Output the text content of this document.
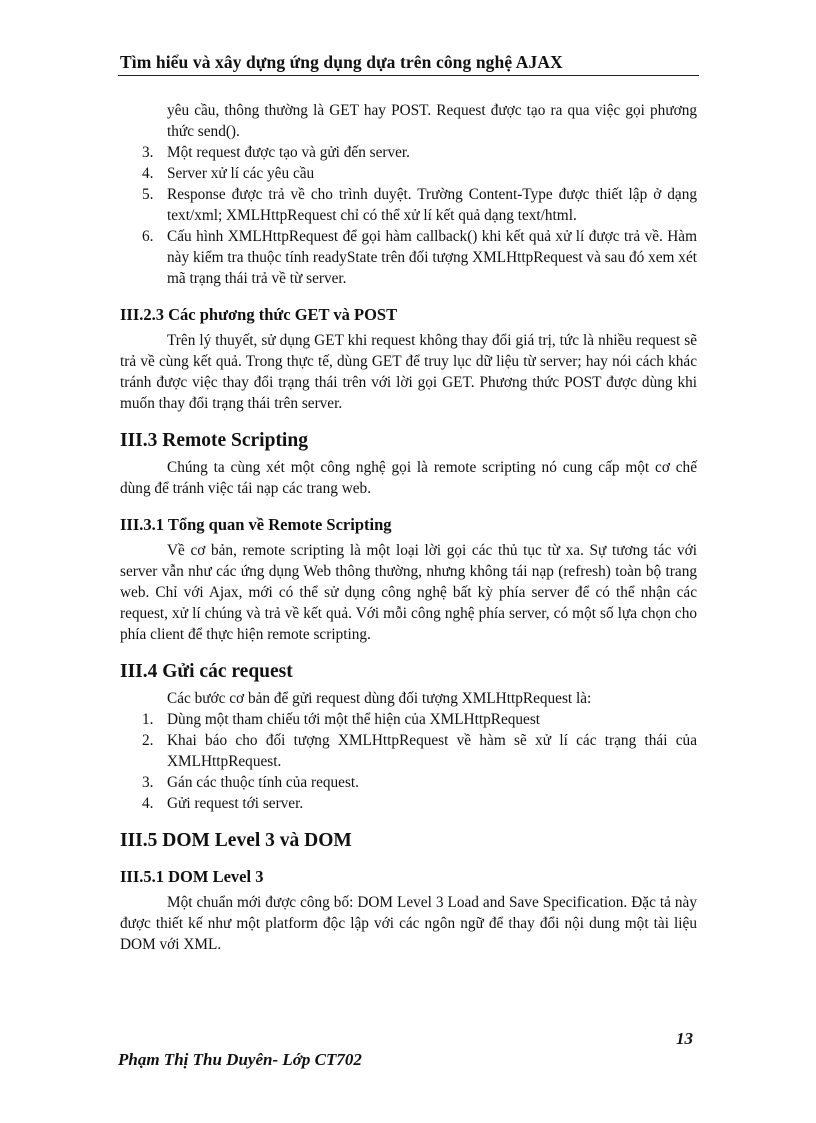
Tìm hiểu và xây dựng ứng dụng dựa trên công nghệ AJAX

yêu cầu, thông thường là GET hay POST. Request được tạo ra qua việc gọi phương thức send().

3. Một request được tạo và gửi đến server.
4. Server xử lí các yêu cầu
5. Response được trả về cho trình duyệt. Trường Content-Type được thiết lập ở dạng text/xml; XMLHttpRequest chỉ có thể xử lí kết quả dạng text/html.
6. Cấu hình XMLHttpRequest để gọi hàm callback() khi kết quả xử lí được trả về. Hàm này kiểm tra thuộc tính readyState trên đối tượng XMLHttpRequest và sau đó xem xét mã trạng thái trả về từ server.
III.2.3 Các phương thức GET và POST

Trên lý thuyết, sử dụng GET khi request không thay đổi giá trị, tức là nhiều request sẽ trả về cùng kết quả. Trong thực tế, dùng GET để truy lục dữ liệu từ server; hay nói cách khác tránh được việc thay đổi trạng thái trên với lời gọi GET. Phương thức POST được dùng khi muốn thay đổi trạng thái trên server.

III.3 Remote Scripting

Chúng ta cùng xét một công nghệ gọi là remote scripting nó cung cấp một cơ chế dùng để tránh việc tái nạp các trang web.

III.3.1 Tổng quan về Remote Scripting

Về cơ bản, remote scripting là một loại lời gọi các thủ tục từ xa. Sự tương tác với server vẫn như các ứng dụng Web thông thường, nhưng không tái nạp (refresh) toàn bộ trang web. Chỉ với Ajax, mới có thể sử dụng công nghệ bất kỳ phía server để có thể nhận các request, xử lí chúng và trả về kết quả. Với mỗi công nghệ phía server, có một số lựa chọn cho phía client để thực hiện remote scripting.

III.4 Gửi các request

Các bước cơ bản để gửi request dùng đối tượng XMLHttpRequest là:

1. Dùng một tham chiếu tới một thể hiện của XMLHttpRequest
2. Khai báo cho đối tượng XMLHttpRequest về hàm sẽ xử lí các trạng thái của XMLHttpRequest.
3. Gán các thuộc tính của request.
4. Gửi request tới server.
III.5 DOM Level 3 và DOM
III.5.1 DOM Level 3

Một chuẩn mới được công bố: DOM Level 3 Load and Save Specification. Đặc tả này được thiết kế như một platform độc lập với các ngôn ngữ để thay đổi nội dung một tài liệu DOM với XML.

13
Phạm Thị Thu Duyên- Lớp CT702
